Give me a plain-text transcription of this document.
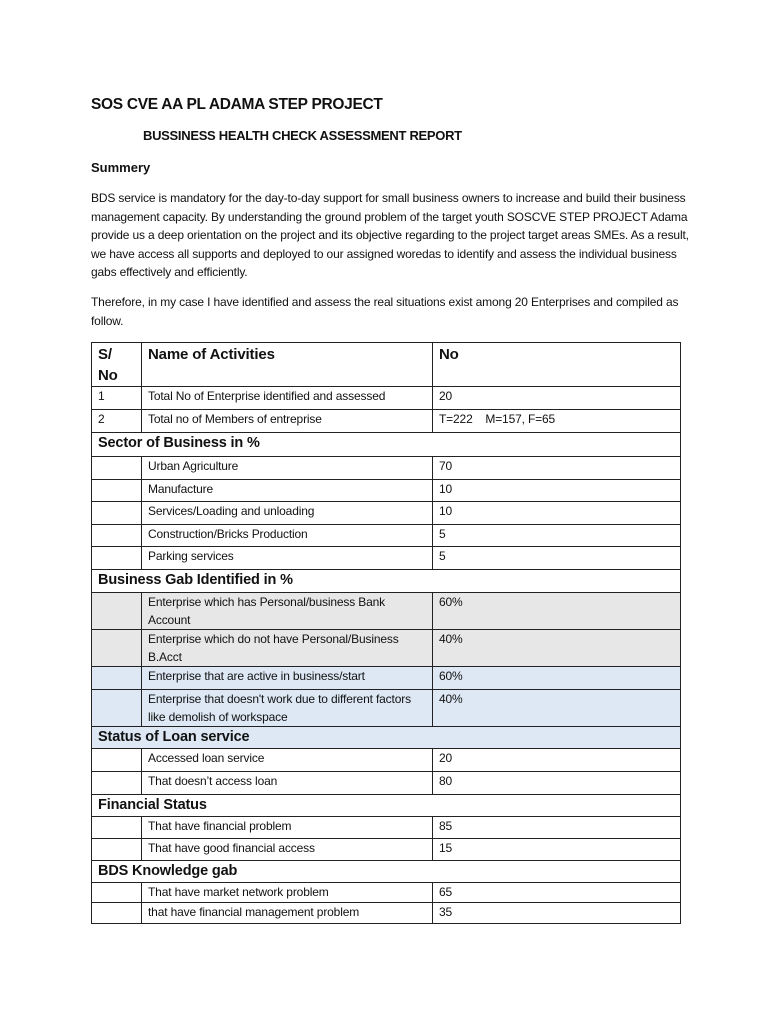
SOS CVE AA PL ADAMA STEP PROJECT
BUSSINESS HEALTH CHECK ASSESSMENT REPORT
Summery
BDS service is mandatory for the day-to-day support for small business owners to increase and build their business management capacity. By understanding the ground problem of the target youth SOSCVE STEP PROJECT Adama provide us a deep orientation on the project and its objective regarding to the project target areas SMEs. As a result, we have access all supports and deployed to our assigned woredas to identify and assess the individual business gabs effectively and efficiently.
Therefore, in my case I have identified and assess the real situations exist among 20 Enterprises and compiled as follow.
S/ No	Name of Activities	No
1	Total No of Enterprise identified and assessed	20
2	Total no of Members of entreprise	T=222    M=157, F=65
Sector of Business in %		
	Urban Agriculture	70
	Manufacture	10
	Services/Loading and unloading	10
	Construction/Bricks Production	5
	Parking services	5
Business Gab Identified in %		
	Enterprise which has Personal/business Bank Account	60%
	Enterprise which do not have Personal/Business B.Acct	40%
	Enterprise that are active in business/start	60%
	Enterprise that doesn't work due to different factors like demolish of workspace	40%
Status of Loan service		
	Accessed loan service	20
	That doesn’t access loan	80
Financial Status		
	That have financial problem	85
	That have good financial access	15
BDS Knowledge gab		
	That have market network problem	65
	that have financial management problem	35
